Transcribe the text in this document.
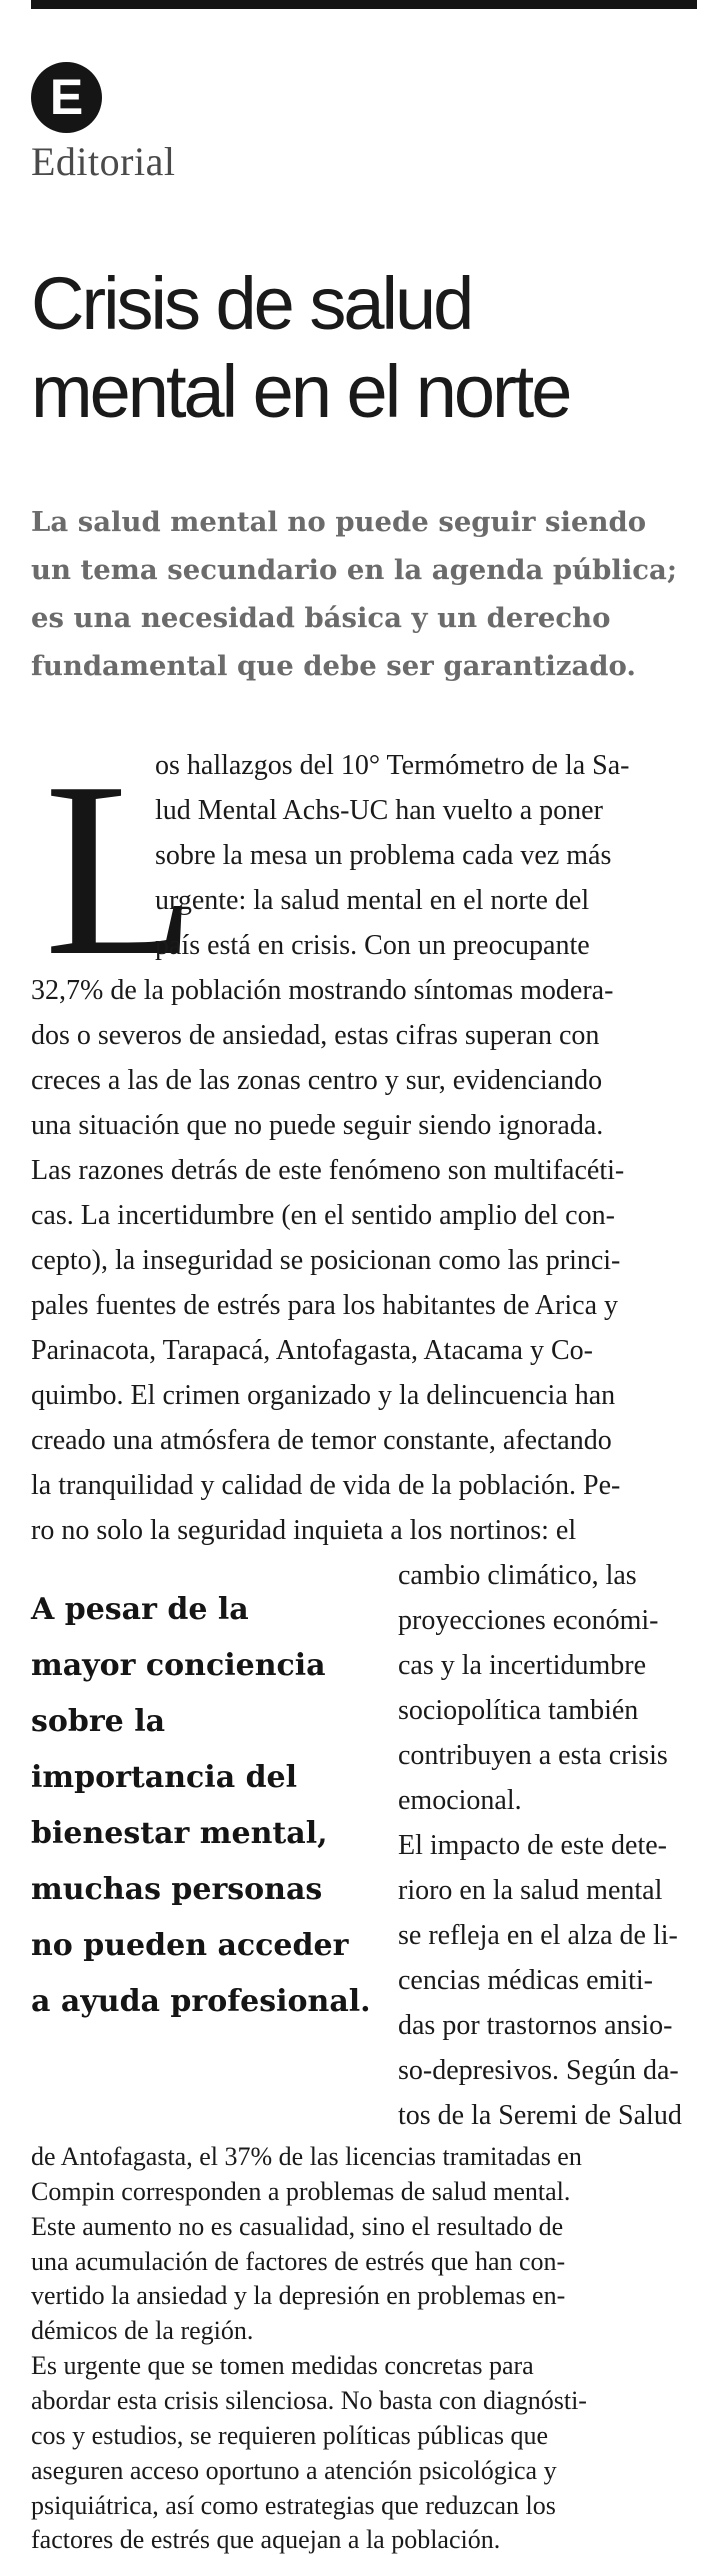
E
Editorial
Crisis de salud
mental en el norte
La salud mental no puede seguir siendo
un tema secundario en la agenda pública;
es una necesidad básica y un derecho
fundamental que debe ser garantizado.
L
os hallazgos del 10° Termómetro de la Sa-
lud Mental Achs-UC han vuelto a poner
sobre la mesa un problema cada vez más
urgente: la salud mental en el norte del
país está en crisis. Con un preocupante
32,7% de la población mostrando síntomas modera-
dos o severos de ansiedad, estas cifras superan con
creces a las de las zonas centro y sur, evidenciando
una situación que no puede seguir siendo ignorada.
Las razones detrás de este fenómeno son multifacéti-
cas. La incertidumbre (en el sentido amplio del con-
cepto), la inseguridad se posicionan como las princi-
pales fuentes de estrés para los habitantes de Arica y
Parinacota, Tarapacá, Antofagasta, Atacama y Co-
quimbo. El crimen organizado y la delincuencia han
creado una atmósfera de temor constante, afectando
la tranquilidad y calidad de vida de la población. Pe-
ro no solo la seguridad inquieta a los nortinos: el
cambio climático, las
proyecciones económi-
cas y la incertidumbre
sociopolítica también
contribuyen a esta crisis
emocional.
El impacto de este dete-
rioro en la salud mental
se refleja en el alza de li-
cencias médicas emiti-
das por trastornos ansio-
so-depresivos. Según da-
tos de la Seremi de Salud
de Antofagasta, el 37% de las licencias tramitadas en
Compin corresponden a problemas de salud mental.
Este aumento no es casualidad, sino el resultado de
una acumulación de factores de estrés que han con-
vertido la ansiedad y la depresión en problemas en-
démicos de la región.
Es urgente que se tomen medidas concretas para
abordar esta crisis silenciosa. No basta con diagnósti-
cos y estudios, se requieren políticas públicas que
aseguren acceso oportuno a atención psicológica y
psiquiátrica, así como estrategias que reduzcan los
factores de estrés que aquejan a la población.
A pesar de la
mayor conciencia
sobre la
importancia del
bienestar mental,
muchas personas
no pueden acceder
a ayuda profesional.
